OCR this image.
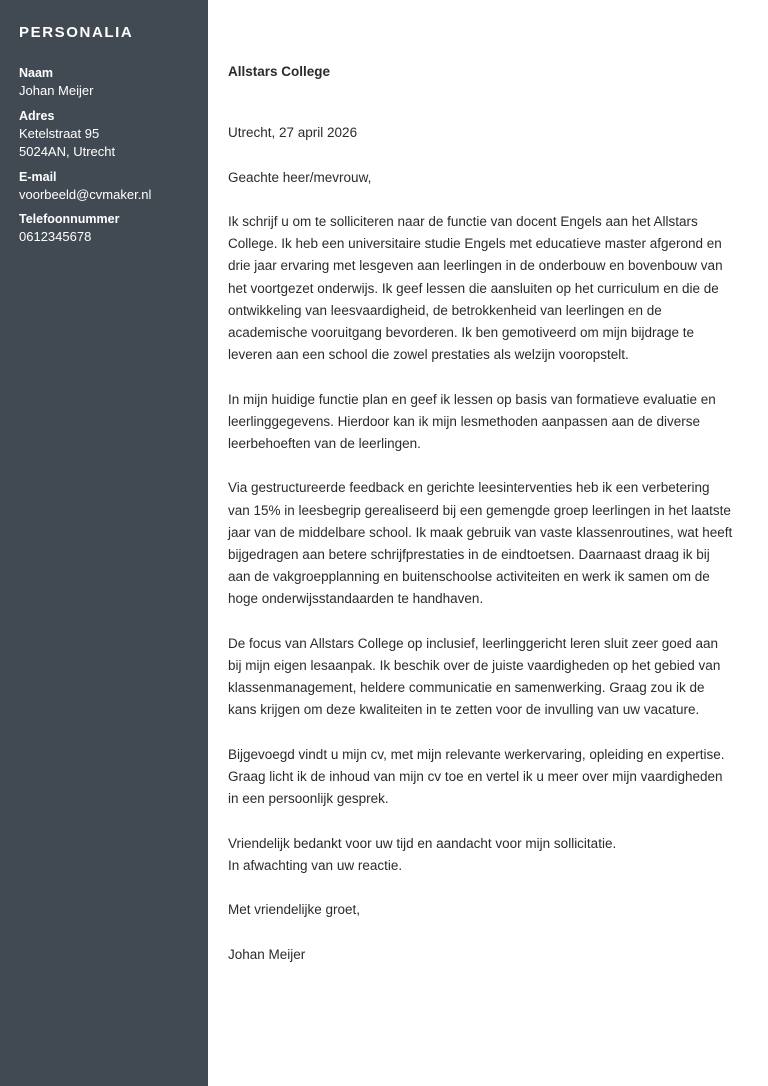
PERSONALIA
Naam
Johan Meijer
Adres
Ketelstraat 95
5024AN, Utrecht
E-mail
voorbeeld@cvmaker.nl
Telefoonnummer
0612345678
Allstars College

Utrecht, 27 april 2026

Geachte heer/mevrouw,

Ik schrijf u om te solliciteren naar de functie van docent Engels aan het Allstars College. Ik heb een universitaire studie Engels met educatieve master afgerond en drie jaar ervaring met lesgeven aan leerlingen in de onderbouw en bovenbouw van het voortgezet onderwijs. Ik geef lessen die aansluiten op het curriculum en die de ontwikkeling van leesvaardigheid, de betrokkenheid van leerlingen en de academische vooruitgang bevorderen. Ik ben gemotiveerd om mijn bijdrage te leveren aan een school die zowel prestaties als welzijn vooropstelt.

In mijn huidige functie plan en geef ik lessen op basis van formatieve evaluatie en leerlinggegevens. Hierdoor kan ik mijn lesmethoden aanpassen aan de diverse leerbehoeften van de leerlingen.

Via gestructureerde feedback en gerichte leesinterventies heb ik een verbetering van 15% in leesbegrip gerealiseerd bij een gemengde groep leerlingen in het laatste jaar van de middelbare school. Ik maak gebruik van vaste klassenroutines, wat heeft bijgedragen aan betere schrijfprestaties in de eindtoetsen. Daarnaast draag ik bij aan de vakgroepplanning en buitenschoolse activiteiten en werk ik samen om de hoge onderwijsstandaarden te handhaven.

De focus van Allstars College op inclusief, leerlinggericht leren sluit zeer goed aan bij mijn eigen lesaanpak. Ik beschik over de juiste vaardigheden op het gebied van klassenmanagement, heldere communicatie en samenwerking. Graag zou ik de kans krijgen om deze kwaliteiten in te zetten voor de invulling van uw vacature.

Bijgevoegd vindt u mijn cv, met mijn relevante werkervaring, opleiding en expertise. Graag licht ik de inhoud van mijn cv toe en vertel ik u meer over mijn vaardigheden in een persoonlijk gesprek.

Vriendelijk bedankt voor uw tijd en aandacht voor mijn sollicitatie.
In afwachting van uw reactie.
Met vriendelijke groet,
Johan Meijer
